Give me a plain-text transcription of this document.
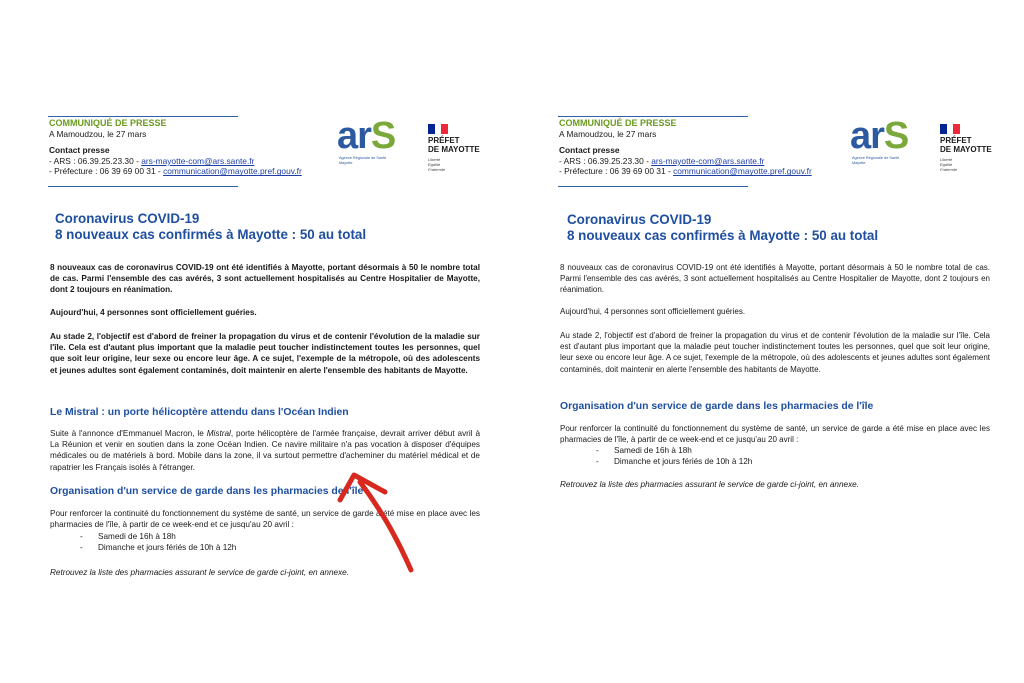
COMMUNIQUÉ DE PRESSE
A Mamoudzou, le 27 mars
Contact presse
- ARS : 06.39.25.23.30 - ars-mayotte-com@ars.sante.fr
- Préfecture : 06 39 69 00 31 - communication@mayotte.pref.gouv.fr
arS
Agence Régionale de Santé
Mayotte
PRÉFET
DE MAYOTTE
Liberté
Égalité
Fraternité
Coronavirus COVID-19
8 nouveaux cas confirmés à Mayotte : 50 au total
8 nouveaux cas de coronavirus COVID-19 ont été identifiés à Mayotte, portant désormais à 50 le nombre total de cas. Parmi l'ensemble des cas avérés, 3 sont actuellement hospitalisés au Centre Hospitalier de Mayotte, dont 2 toujours en réanimation.
Aujourd'hui, 4 personnes sont officiellement guéries.
Au stade 2, l'objectif est d'abord de freiner la propagation du virus et de contenir l'évolution de la maladie sur l'île. Cela est d'autant plus important que la maladie peut toucher indistinctement toutes les personnes, quel que soit leur origine, leur sexe ou encore leur âge. A ce sujet, l'exemple de la métropole, où des adolescents et jeunes adultes sont également contaminés, doit maintenir en alerte l'ensemble des habitants de Mayotte.
Le Mistral : un porte hélicoptère attendu dans l'Océan Indien
Suite à l'annonce d'Emmanuel Macron, le Mistral, porte hélicoptère de l'armée française, devrait arriver début avril à La Réunion et venir en soutien dans la zone Océan Indien. Ce navire militaire n'a pas vocation à disposer d'équipes médicales ou de matériels à bord. Mobile dans la zone, il va surtout permettre d'acheminer du matériel médical et de rapatrier les Français isolés à l'étranger.
Organisation d'un service de garde dans les pharmacies de l'île
Pour renforcer la continuité du fonctionnement du système de santé, un service de garde a été mise en place avec les pharmacies de l'île, à partir de ce week-end et ce jusqu'au 20 avril :
- Samedi de 16h à 18h
- Dimanche et jours fériés de 10h à 12h
Retrouvez la liste des pharmacies assurant le service de garde ci-joint, en annexe.
COMMUNIQUÉ DE PRESSE
A Mamoudzou, le 27 mars
Contact presse
- ARS : 06.39.25.23.30 - ars-mayotte-com@ars.sante.fr
- Préfecture : 06 39 69 00 31 - communication@mayotte.pref.gouv.fr
arS
Agence Régionale de Santé
Mayotte
PRÉFET
DE MAYOTTE
Liberté
Égalité
Fraternité
Coronavirus COVID-19
8 nouveaux cas confirmés à Mayotte : 50 au total
8 nouveaux cas de coronavirus COVID-19 ont été identifiés à Mayotte, portant désormais à 50 le nombre total de cas. Parmi l'ensemble des cas avérés, 3 sont actuellement hospitalisés au Centre Hospitalier de Mayotte, dont 2 toujours en réanimation.
Aujourd'hui, 4 personnes sont officiellement guéries.
Au stade 2, l'objectif est d'abord de freiner la propagation du virus et de contenir l'évolution de la maladie sur l'île. Cela est d'autant plus important que la maladie peut toucher indistinctement toutes les personnes, quel que soit leur origine, leur sexe ou encore leur âge. A ce sujet, l'exemple de la métropole, où des adolescents et jeunes adultes sont également contaminés, doit maintenir en alerte l'ensemble des habitants de Mayotte.
Organisation d'un service de garde dans les pharmacies de l'île
Pour renforcer la continuité du fonctionnement du système de santé, un service de garde a été mise en place avec les pharmacies de l'île, à partir de ce week-end et ce jusqu'au 20 avril :
- Samedi de 16h à 18h
- Dimanche et jours fériés de 10h à 12h
Retrouvez la liste des pharmacies assurant le service de garde ci-joint, en annexe.
